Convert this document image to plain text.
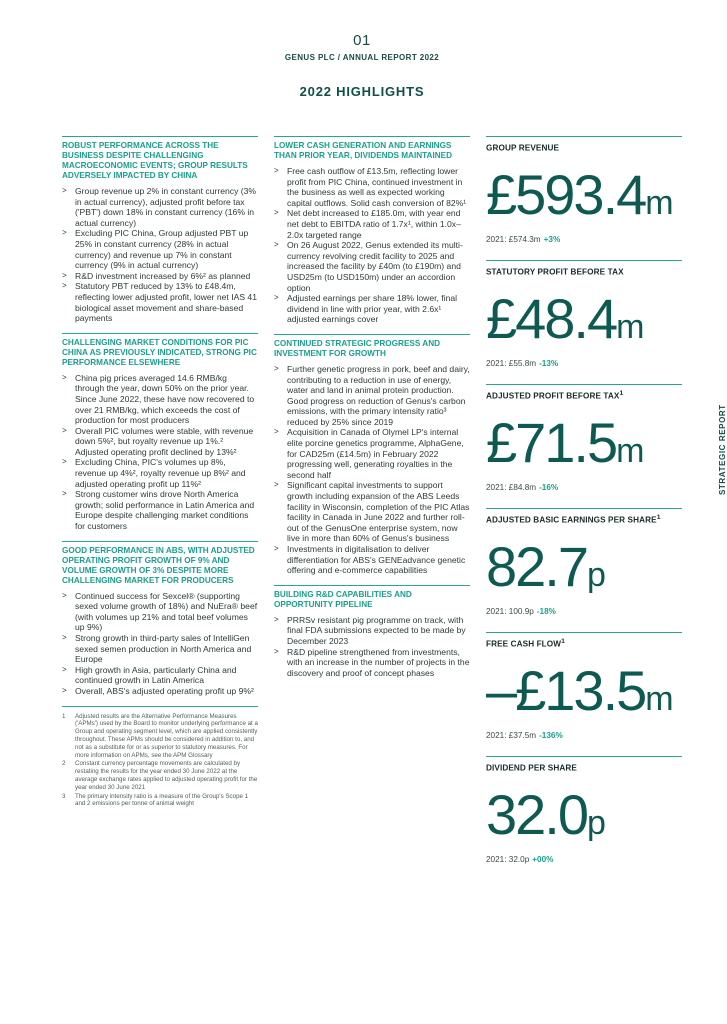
01
GENUS PLC / ANNUAL REPORT 2022
2022 HIGHLIGHTS
STRATEGIC REPORT
ROBUST PERFORMANCE ACROSS THE BUSINESS DESPITE CHALLENGING MACROECONOMIC EVENTS; GROUP RESULTS ADVERSELY IMPACTED BY CHINA
> Group revenue up 2% in constant currency (3% in actual currency), adjusted profit before tax ('PBT') down 18% in constant currency (16% in actual currency)
> Excluding PIC China, Group adjusted PBT up 25% in constant currency (28% in actual currency) and revenue up 7% in constant currency (9% in actual currency)
> R&D investment increased by 6%² as planned
> Statutory PBT reduced by 13% to £48.4m, reflecting lower adjusted profit, lower net IAS 41 biological asset movement and share-based payments
CHALLENGING MARKET CONDITIONS FOR PIC CHINA AS PREVIOUSLY INDICATED, STRONG PIC PERFORMANCE ELSEWHERE
> China pig prices averaged 14.6 RMB/kg through the year, down 50% on the prior year. Since June 2022, these have now recovered to over 21 RMB/kg, which exceeds the cost of production for most producers
> Overall PIC volumes were stable, with revenue down 5%², but royalty revenue up 1%.² Adjusted operating profit declined by 13%²
> Excluding China, PIC's volumes up 8%, revenue up 4%², royalty revenue up 8%² and adjusted operating profit up 11%²
> Strong customer wins drove North America growth; solid performance in Latin America and Europe despite challenging market conditions for customers
GOOD PERFORMANCE IN ABS, WITH ADJUSTED OPERATING PROFIT GROWTH OF 9% AND VOLUME GROWTH OF 3% DESPITE MORE CHALLENGING MARKET FOR PRODUCERS
> Continued success for Sexcel® (supporting sexed volume growth of 18%) and NuEra® beef (with volumes up 21% and total beef volumes up 9%)
> Strong growth in third-party sales of IntelliGen sexed semen production in North America and Europe
> High growth in Asia, particularly China and continued growth in Latin America
> Overall, ABS's adjusted operating profit up 9%²
1 Adjusted results are the Alternative Performance Measures ('APMs') used by the Board to monitor underlying performance at a Group and operating segment level, which are applied consistently throughout. These APMs should be considered in addition to, and not as a substitute for or as superior to statutory measures. For more information on APMs, see the APM Glossary
2 Constant currency percentage movements are calculated by restating the results for the year ended 30 June 2022 at the average exchange rates applied to adjusted operating profit for the year ended 30 June 2021
3 The primary intensity ratio is a measure of the Group's Scope 1 and 2 emissions per tonne of animal weight
LOWER CASH GENERATION AND EARNINGS THAN PRIOR YEAR, DIVIDENDS MAINTAINED
> Free cash outflow of £13.5m, reflecting lower profit from PIC China, continued investment in the business as well as expected working capital outflows. Solid cash conversion of 82%¹
> Net debt increased to £185.0m, with year end net debt to EBITDA ratio of 1.7x¹, within 1.0x–2.0x targeted range
> On 26 August 2022, Genus extended its multi-currency revolving credit facility to 2025 and increased the facility by £40m (to £190m) and USD25m (to USD150m) under an accordion option
> Adjusted earnings per share 18% lower, final dividend in line with prior year, with 2.6x¹ adjusted earnings cover
CONTINUED STRATEGIC PROGRESS AND INVESTMENT FOR GROWTH
> Further genetic progress in pork, beef and dairy, contributing to a reduction in use of energy, water and land in animal protein production. Good progress on reduction of Genus's carbon emissions, with the primary intensity ratio³ reduced by 25% since 2019
> Acquisition in Canada of Olymel LP's internal elite porcine genetics programme, AlphaGene, for CAD25m (£14.5m) in February 2022 progressing well, generating royalties in the second half
> Significant capital investments to support growth including expansion of the ABS Leeds facility in Wisconsin, completion of the PIC Atlas facility in Canada in June 2022 and further roll-out of the GenusOne enterprise system, now live in more than 60% of Genus's business
> Investments in digitalisation to deliver differentiation for ABS's GENEadvance genetic offering and e-commerce capabilities
BUILDING R&D CAPABILITIES AND OPPORTUNITY PIPELINE
> PRRSv resistant pig programme on track, with final FDA submissions expected to be made by December 2023
> R&D pipeline strengthened from investments, with an increase in the number of projects in the discovery and proof of concept phases
GROUP REVENUE
£593.4m
2021: £574.3m +3%
STATUTORY PROFIT BEFORE TAX
£48.4m
2021: £55.8m -13%
ADJUSTED PROFIT BEFORE TAX$^1$
£71.5m
2021: £84.8m -16%
ADJUSTED BASIC EARNINGS PER SHARE$^1$
82.7p
2021: 100.9p -18%
FREE CASH FLOW$^1$
–£13.5m
2021: £37.5m -136%
DIVIDEND PER SHARE
32.0p
2021: 32.0p +00%
